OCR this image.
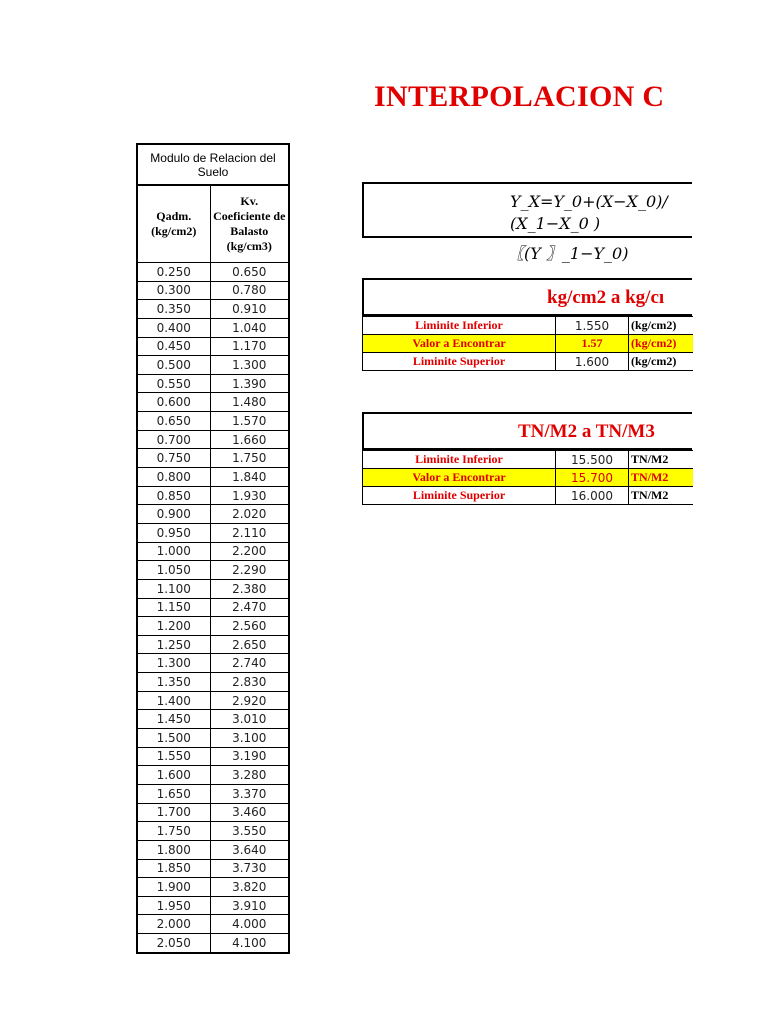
INTERPOLACION C
Modulo de Relacion del Suelo	
Qadm. (kg/cm2)	Kv. Coeficiente de Balasto (kg/cm3)
0.250	0.650
0.300	0.780
0.350	0.910
0.400	1.040
0.450	1.170
0.500	1.300
0.550	1.390
0.600	1.480
0.650	1.570
0.700	1.660
0.750	1.750
0.800	1.840
0.850	1.930
0.900	2.020
0.950	2.110
1.000	2.200
1.050	2.290
1.100	2.380
1.150	2.470
1.200	2.560
1.250	2.650
1.300	2.740
1.350	2.830
1.400	2.920
1.450	3.010
1.500	3.100
1.550	3.190
1.600	3.280
1.650	3.370
1.700	3.460
1.750	3.550
1.800	3.640
1.850	3.730
1.900	3.820
1.950	3.910
2.000	4.000
2.050	4.100
Y_X=Y_0+(X−X_0)/
(X_1−X_0 )
〖(Y 〗_1−Y_0)
kg/cm2 a kg/cı
Liminite Inferior	1.550	(kg/cm2)
Valor a Encontrar	1.57	(kg/cm2)
Liminite Superior	1.600	(kg/cm2)
TN/M2 a TN/M3
Liminite Inferior	15.500	TN/M2
Valor a Encontrar	15.700	TN/M2
Liminite Superior	16.000	TN/M2
